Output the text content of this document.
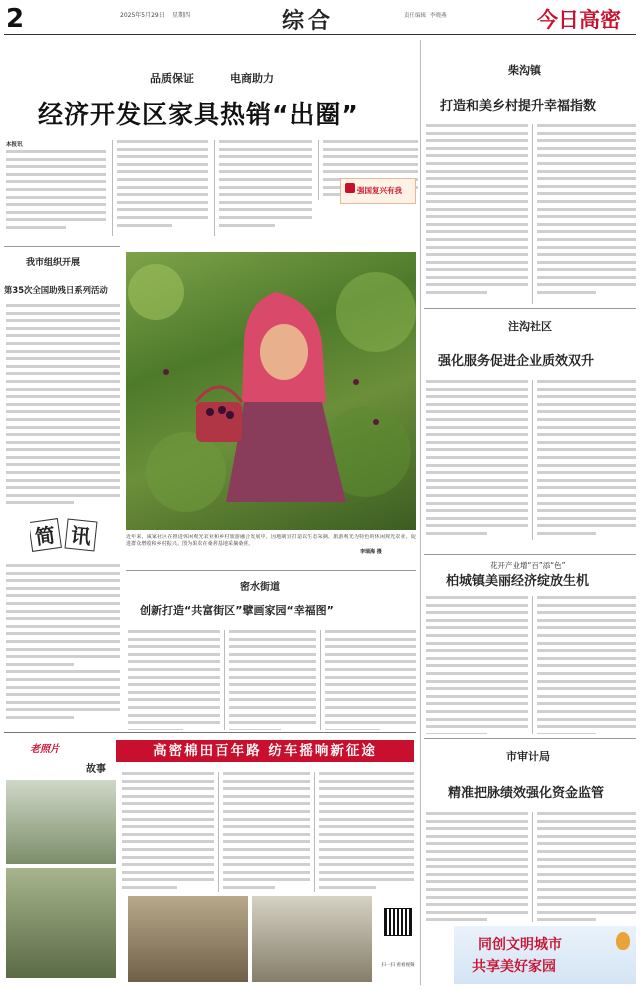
2	2025年5月29日 星期四	综合	责任编辑 李晓燕	今日高密
品质保证	电商助力
经济开发区家具热销“出圈”
本报讯
强国复兴有我
近年来，咸家社区在推进休闲观光农业和乡村旅游融合发展中，因地制宜打造以生态采摘、旅游观光为特色的休闲观光农业，促进群众增收和乡村振兴。图为果农在桑葚基地采摘桑葚。
李瑞海 摄
我市组织开展
第35次全国助残日系列活动
简 讯
密水街道
创新打造“共富街区”擘画家园“幸福图”
老照片
故事
高密棉田百年路 纺车摇响新征途
扫一扫 看看视频
柴沟镇
打造和美乡村提升幸福指数
注沟社区
强化服务促进企业质效双升
花开产业增“百”添“色”
柏城镇美丽经济绽放生机
市审计局
精准把脉绩效强化资金监管
同创文明城市
共享美好家园
